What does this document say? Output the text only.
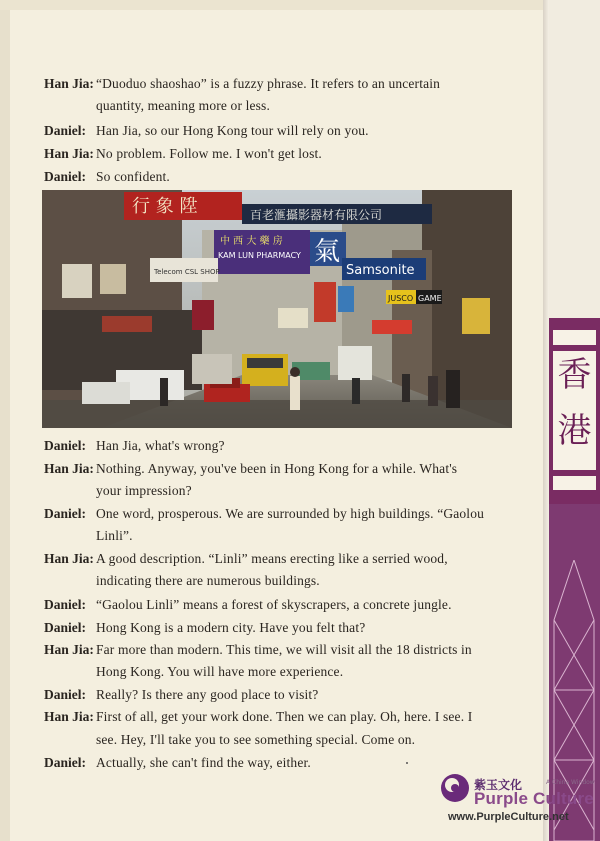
Han Jia: “Duoduo shaoshao” is a fuzzy phrase. It refers to an uncertain
quantity, meaning more or less.
Daniel: Han Jia, so our Hong Kong tour will rely on you.
Han Jia: No problem. Follow me. I won't get lost.
Daniel: So confident.
Daniel: Han Jia, what's wrong?
Han Jia: Nothing. Anyway, you've been in Hong Kong for a while. What's
your impression?
Daniel: One word, prosperous. We are surrounded by high buildings. “Gaolou
Linli”.
Han Jia: A good description. “Linli” means erecting like a serried wood,
indicating there are numerous buildings.
Daniel: “Gaolou Linli” means a forest of skyscrapers, a concrete jungle.
Daniel: Hong Kong is a modern city. Have you felt that?
Han Jia: Far more than modern. This time, we will visit all the 18 districts in
Hong Kong. You will have more experience.
Daniel: Really? Is there any good place to visit?
Han Jia: First of all, get your work done. Then we can play. Oh, here. I see. I
see. Hey, I'll take you to see something special. Come on.
Daniel: Actually, she can't find the way, either.
行 象 陞	百老滙攝影器材有限公司
中 西 大 藥 房
KAM LUN PHARMACY 氣
Samsonite
Telecom CSL SHOP
JUSCO GAME
香
港
紫玉文化	A China Window
Purple Culture
www.PurpleCulture.net
